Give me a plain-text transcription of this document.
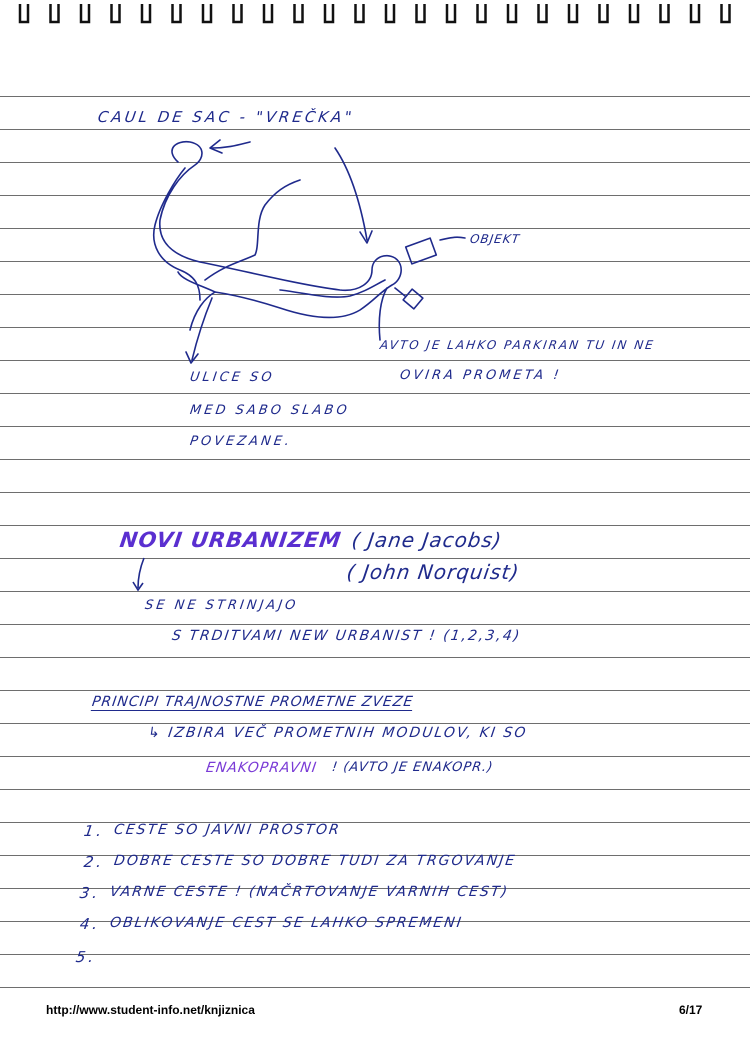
CAUL DE SAC - "VREČKA"
OBJEKT
AVTO JE LAHKO PARKIRAN TU IN NE
OVIRA PROMETA !
ULICE SO
MED SABO SLABO
POVEZANE.
NOVI URBANIZEM ( Jane Jacobs)
( John Norquist)
SE NE STRINJAJO
S TRDITVAMI NEW URBANIST ! (1,2,3,4)
PRINCIPI TRAJNOSTNE PROMETNE ZVEZE
↳ IZBIRA VEČ PROMETNIH MODULOV, KI SO
ENAKOPRAVNI ! (AVTO JE ENAKOPR.)
1. CESTE SO JAVNI PROSTOR
2. DOBRE CESTE SO DOBRE TUDI ZA TRGOVANJE
3. VARNE CESTE ! (NAČRTOVANJE VARNIH CEST)
4. OBLIKOVANJE CEST SE LAHKO SPREMENI
5.
http://www.student-info.net/knjiznica	6/17
